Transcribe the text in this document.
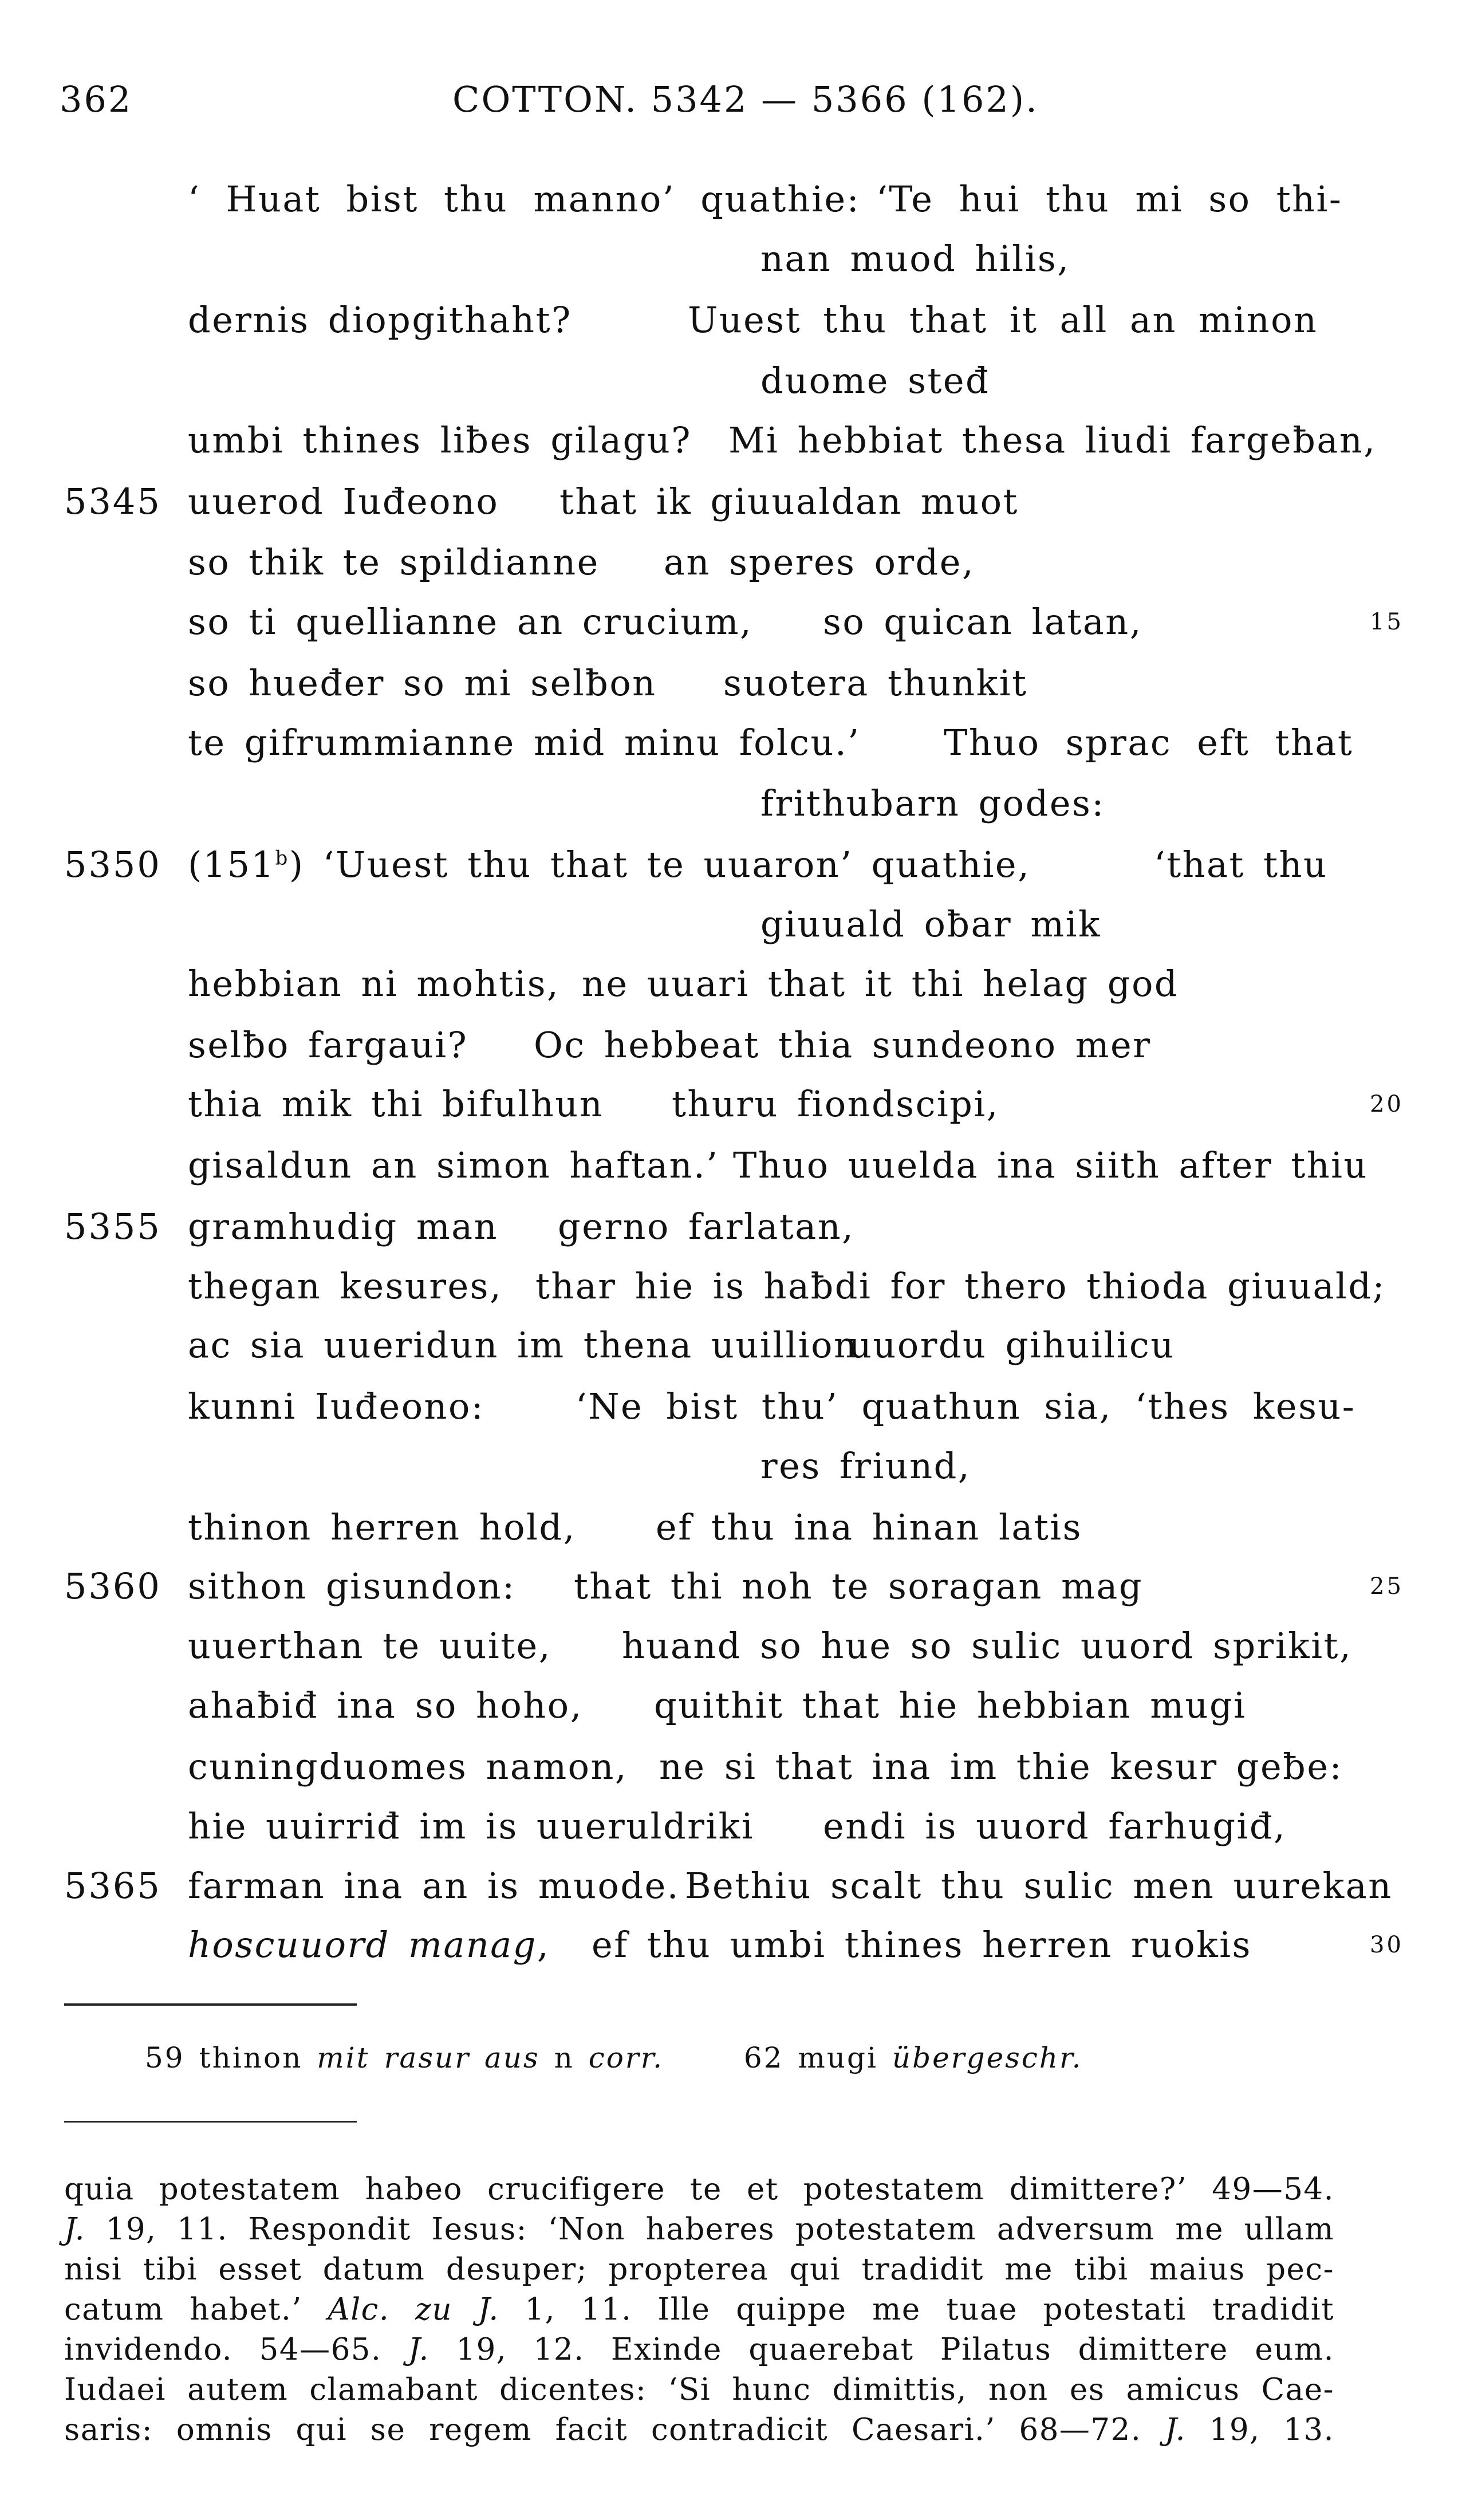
362	COTTON. 5342 — 5366 (162).
‘ Huat bist thu manno’ quathie: ‘Te hui thu mi so thi-
nan muod hilis,
dernis diopgithaht?	Uuest thu that it all an minon
duome steđ
umbi thines liƀes gilagu? Mi hebbiat thesa liudi fargeƀan,
5345 uuerod Iuđeono that ik giuualdan muot
so thik te spildianne an speres orde,
so ti quellianne an crucium, so quican latan,	15
so hueđer so mi selƀon suotera thunkit
te gifrummianne mid minu folcu.’ Thuo sprac eft that
frithubarn godes:
5350 (151$^b$) ‘Uuest thu that te uuaron’ quathie,	‘that thu
giuuald oƀar mik
hebbian ni mohtis, ne uuari that it thi helag god
selƀo fargaui? Oc hebbeat thia sundeono mer
thia mik thi bifulhun thuru fiondscipi,	20
gisaldun an simon haftan.’ Thuo uuelda ina siith after thiu
5355 gramhudig man gerno farlatan,
thegan kesures, thar hie is haƀdi for thero thioda giuuald;
ac sia uueridun im thena uuillion
uuordu gihuilicu
kunni Iuđeono:	‘Ne bist thu’ quathun sia, ‘thes kesu-
res friund,
thinon herren hold, ef thu ina hinan latis
5360 sithon gisundon: that thi noh te soragan mag	25
uuerthan te uuite, huand so hue so sulic uuord sprikit,
ahaƀiđ ina so hoho, quithit that hie hebbian mugi
cuningduomes namon, ne si that ina im thie kesur geƀe:
hie uuirriđ im is uueruldriki endi is uuord farhugiđ,
5365 farman ina an is muode. Bethiu scalt thu sulic men uurekan
hoscuuord manag, ef thu umbi thines herren ruokis	30
59 thinon mit rasur aus n corr.	62 mugi übergeschr.
quia potestatem habeo crucifigere te et potestatem dimittere?’ 49—54.
J. 19, 11. Respondit Iesus: ‘Non haberes potestatem adversum me ullam
nisi tibi esset datum desuper; propterea qui tradidit me tibi maius pec-
catum habet.’ Alc. zu J. 1, 11. Ille quippe me tuae potestati tradidit
invidendo. 54—65. J. 19, 12. Exinde quaerebat Pilatus dimittere eum.
Iudaei autem clamabant dicentes: ‘Si hunc dimittis, non es amicus Cae-
saris: omnis qui se regem facit contradicit Caesari.’ 68—72. J. 19, 13.
